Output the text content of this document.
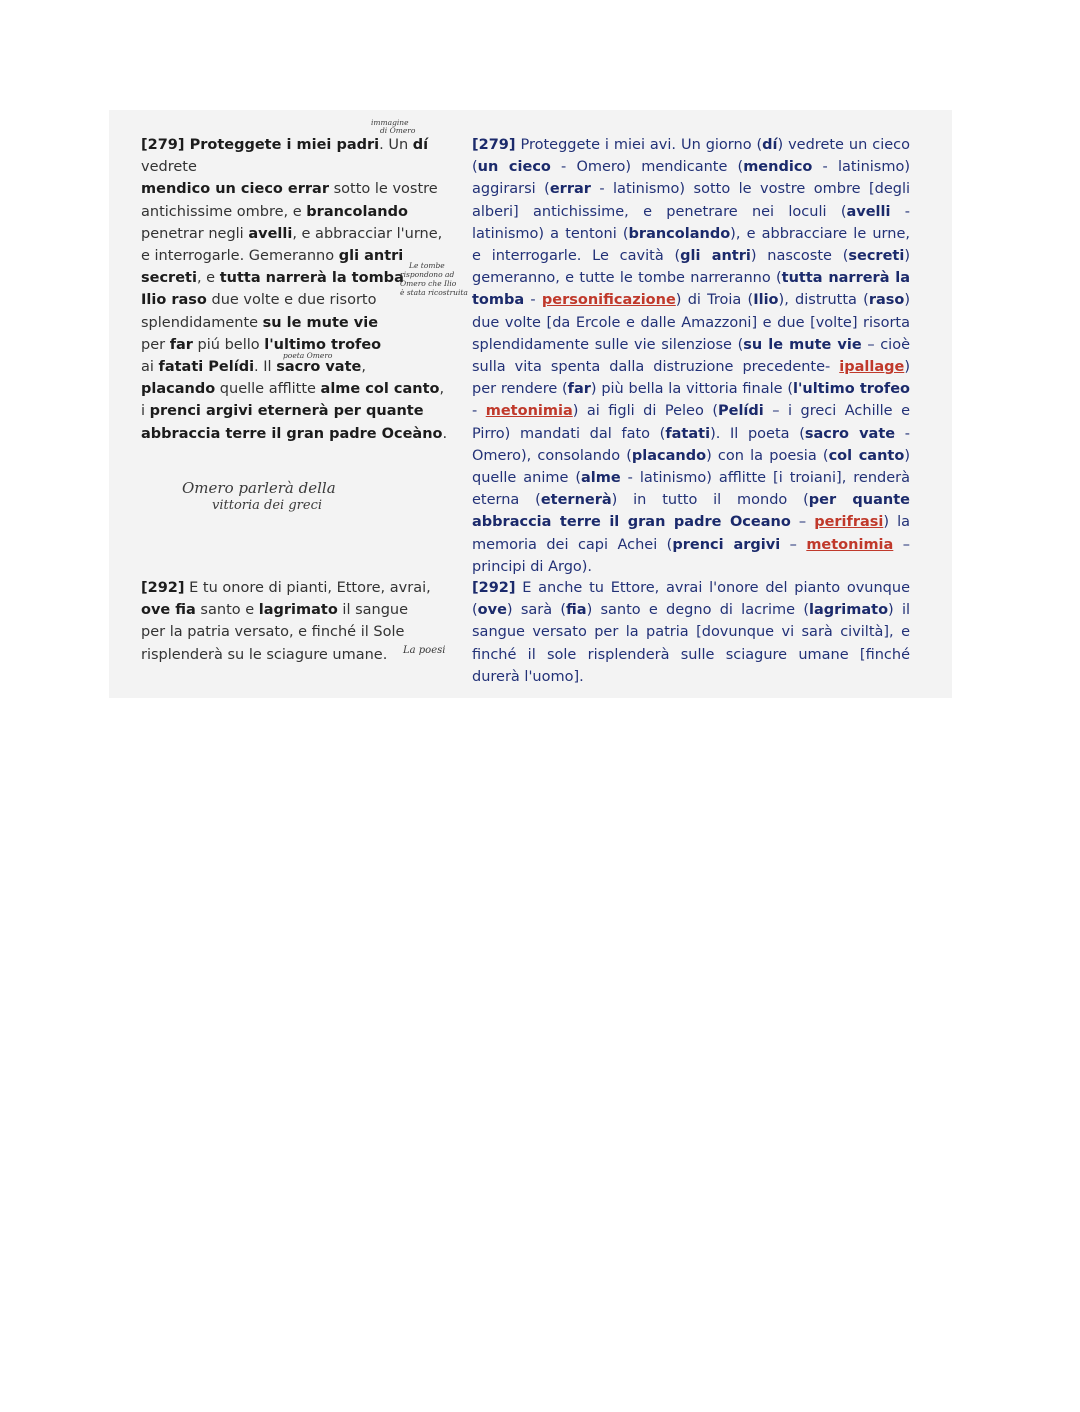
[279] Proteggete i miei padri. Un dí
vedrete
mendico un cieco errar sotto le vostre
antichissime ombre, e brancolando
penetrar negli avelli, e abbracciar l'urne,
e interrogarle. Gemeranno gli antri
secreti, e tutta narrerà la tomba
Ilio raso due volte e due risorto
splendidamente su le mute vie
per far piú bello l'ultimo trofeo
ai fatati Pelídi. Il sacro vate,
placando quelle afflitte alme col canto,
i prenci argivi eternerà per quante
abbraccia terre il gran padre Oceàno.

[292] E tu onore di pianti, Ettore, avrai,
ove fia santo e lagrimato il sangue
per la patria versato, e finché il Sole
risplenderà su le sciagure umane.

[279] Proteggete i miei avi. Un giorno (dí) vedrete un cieco (un cieco - Omero) mendicante (mendico - latinismo) aggirarsi (errar - latinismo) sotto le vostre ombre [degli alberi] antichissime, e penetrare nei loculi (avelli - latinismo) a tentoni (brancolando), e abbracciare le urne, e interrogarle. Le cavità (gli antri) nascoste (secreti) gemeranno, e tutte le tombe narreranno (tutta narrerà la tomba - personificazione) di Troia (Ilio), distrutta (raso) due volte [da Ercole e dalle Amazzoni] e due [volte] risorta splendidamente sulle vie silenziose (su le mute vie – cioè sulla vita spenta dalla distruzione precedente- ipallage) per rendere (far) più bella la vittoria finale (l'ultimo trofeo - metonimia) ai figli di Peleo (Pelídi – i greci Achille e Pirro) mandati dal fato (fatati). Il poeta (sacro vate - Omero), consolando (placando) con la poesia (col canto) quelle anime (alme - latinismo) afflitte [i troiani], renderà eterna (eternerà) in tutto il mondo (per quante abbraccia terre il gran padre Oceano – perifrasi) la memoria dei capi Achei (prenci argivi – metonimia – principi di Argo).

[292] E anche tu Ettore, avrai l'onore del pianto ovunque (ove) sarà (fia) santo e degno di lacrime (lagrimato) il sangue versato per la patria [dovunque vi sarà civiltà], e finché il sole risplenderà sulle sciagure umane [finché durerà l'uomo].

immagine
di Omero
Le tombe
rispondono ad
Omero che Ilio
è stata ricostruita
poeta Omero
Omero parlerà della
vittoria dei greci
La poesi
